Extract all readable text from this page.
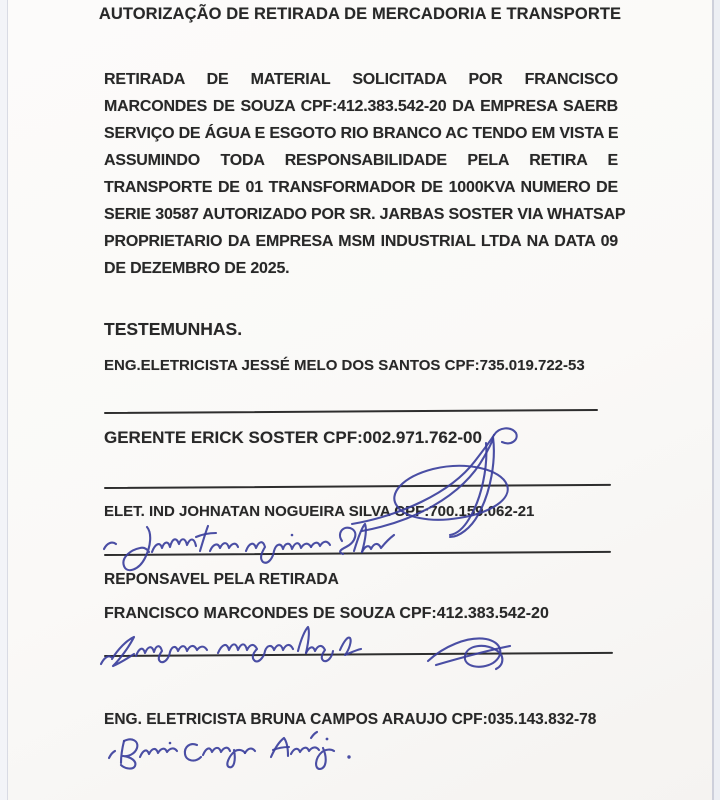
AUTORIZAÇÃO DE RETIRADA DE MERCADORIA E TRANSPORTE
RETIRADA DE MATERIAL SOLICITADA POR FRANCISCO
MARCONDES DE SOUZA CPF:412.383.542-20 DA EMPRESA SAERB
SERVIÇO DE ÁGUA E ESGOTO RIO BRANCO AC TENDO EM VISTA E
ASSUMINDO TODA RESPONSABILIDADE PELA RETIRA E
TRANSPORTE DE 01 TRANSFORMADOR DE 1000KVA NUMERO DE
SERIE 30587 AUTORIZADO POR SR. JARBAS SOSTER VIA WHATSAP
PROPRIETARIO DA EMPRESA MSM INDUSTRIAL LTDA NA DATA 09
DE DEZEMBRO DE 2025.
TESTEMUNHAS.
ENG.ELETRICISTA JESSÉ MELO DOS SANTOS CPF:735.019.722-53
GERENTE ERICK SOSTER CPF:002.971.762-00
ELET. IND JOHNATAN NOGUEIRA SILVA CPF:700.159.062-21
REPONSAVEL PELA RETIRADA
FRANCISCO MARCONDES DE SOUZA CPF:412.383.542-20
ENG. ELETRICISTA BRUNA CAMPOS ARAUJO CPF:035.143.832-78
